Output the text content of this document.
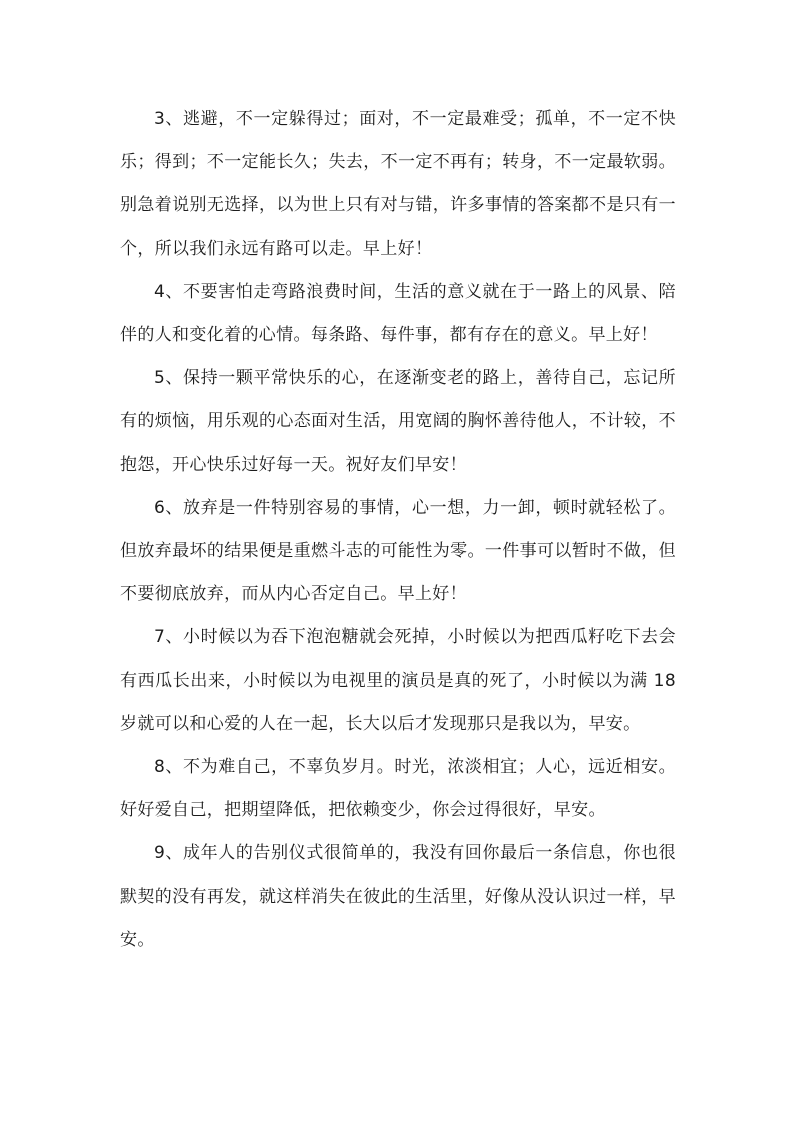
3、逃避，不一定躲得过；面对，不一定最难受；孤单，不一定不快乐；得到；不一定能长久；失去，不一定不再有；转身，不一定最软弱。别急着说别无选择，以为世上只有对与错，许多事情的答案都不是只有一个，所以我们永远有路可以走。早上好！

4、不要害怕走弯路浪费时间，生活的意义就在于一路上的风景、陪伴的人和变化着的心情。每条路、每件事，都有存在的意义。早上好！

5、保持一颗平常快乐的心，在逐渐变老的路上，善待自己，忘记所有的烦恼，用乐观的心态面对生活，用宽阔的胸怀善待他人，不计较，不抱怨，开心快乐过好每一天。祝好友们早安！

6、放弃是一件特别容易的事情，心一想，力一卸，顿时就轻松了。但放弃最坏的结果便是重燃斗志的可能性为零。一件事可以暂时不做，但不要彻底放弃，而从内心否定自己。早上好！

7、小时候以为吞下泡泡糖就会死掉，小时候以为把西瓜籽吃下去会有西瓜长出来，小时候以为电视里的演员是真的死了，小时候以为满 18 岁就可以和心爱的人在一起，长大以后才发现那只是我以为，早安。

8、不为难自己，不辜负岁月。时光，浓淡相宜；人心，远近相安。好好爱自己，把期望降低，把依赖变少，你会过得很好，早安。

9、成年人的告别仪式很简单的，我没有回你最后一条信息，你也很默契的没有再发，就这样消失在彼此的生活里，好像从没认识过一样，早安。
